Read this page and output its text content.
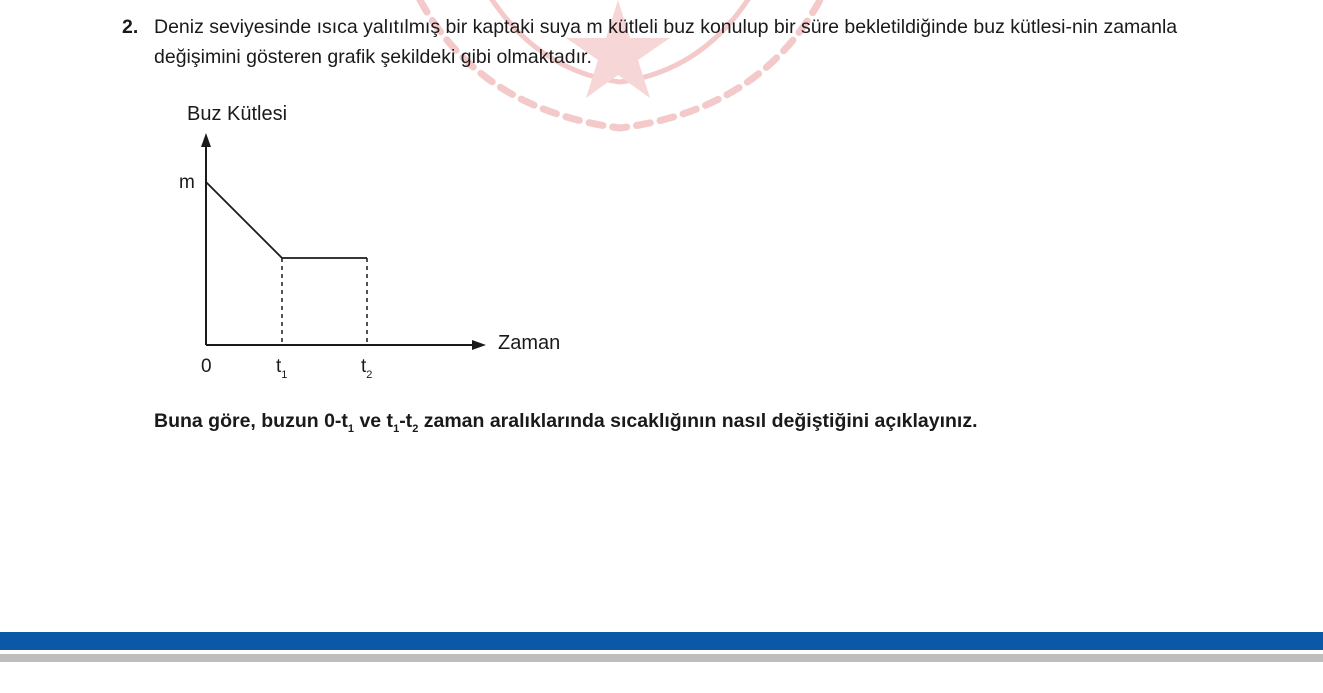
2. Deniz seviyesinde ısıca yalıtılmış bir kaptaki suya m kütleli buz konulup bir süre bekletildiğinde buz kütlesi-nin zamanla değişimini gösteren grafik şekildeki gibi olmaktadır.
Buz Kütlesi
Zaman
m
0	$t_1$	$t_2$
Buna göre, buzun $0-t_1$ ve $t_1-t_2$ zaman aralıklarında sıcaklığının nasıl değiştiğini açıklayınız.
